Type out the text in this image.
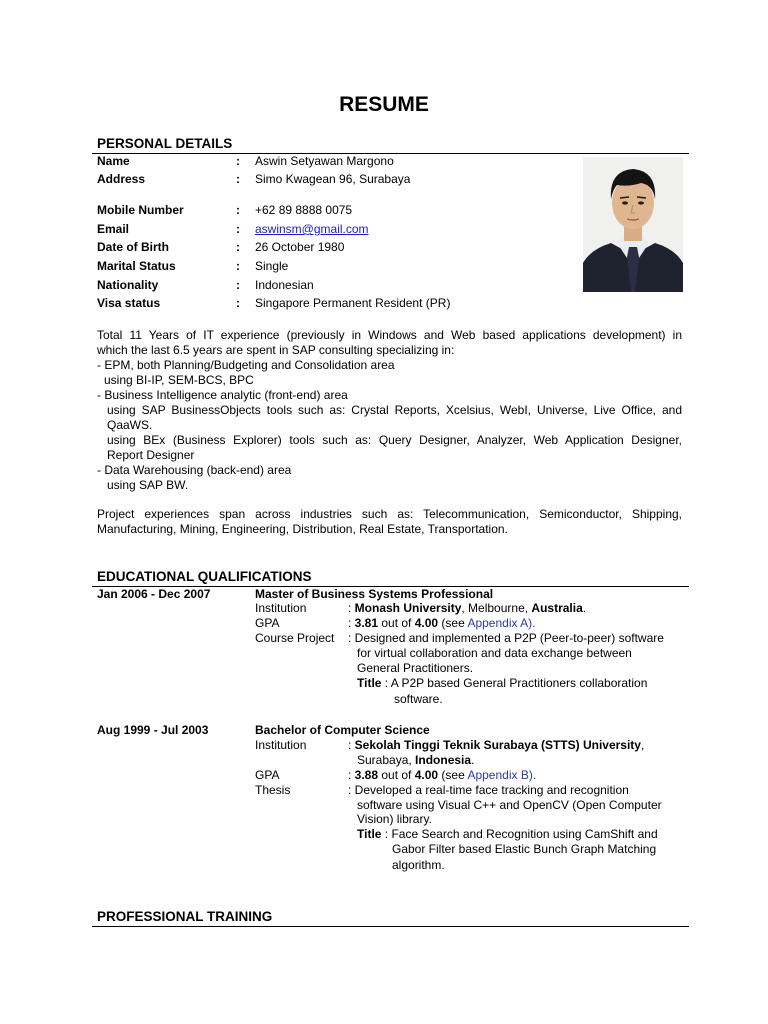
RESUME
PERSONAL DETAILS
Name	: Aswin Setyawan Margono
Address	: Simo Kwagean 96, Surabaya
Mobile Number	: +62 89 8888 0075
Email	: aswinsm@gmail.com
Date of Birth	: 26 October 1980
Marital Status	: Single
Nationality	: Indonesian
Visa status	: Singapore Permanent Resident (PR)
Total 11 Years of IT experience (previously in Windows and Web based applications development) in
which the last 6.5 years are spent in SAP consulting specializing in:
- EPM, both Planning/Budgeting and Consolidation area
using BI-IP, SEM-BCS, BPC
- Business Intelligence analytic (front-end) area
using SAP BusinessObjects tools such as: Crystal Reports, Xcelsius, WebI, Universe, Live Office, and
QaaWS.
using BEx (Business Explorer) tools such as: Query Designer, Analyzer, Web Application Designer,
Report Designer
- Data Warehousing (back-end) area
using SAP BW.
Project experiences span across industries such as: Telecommunication, Semiconductor, Shipping,
Manufacturing, Mining, Engineering, Distribution, Real Estate, Transportation.
EDUCATIONAL QUALIFICATIONS
Jan 2006 - Dec 2007	Master of Business Systems Professional
Institution	: Monash University, Melbourne, Australia.
GPA	: 3.81 out of 4.00 (see Appendix A).
Course Project : Designed and implemented a P2P (Peer-to-peer) software
for virtual collaboration and data exchange between
General Practitioners.
Title : A P2P based General Practitioners collaboration
software.
Aug 1999 - Jul 2003	Bachelor of Computer Science
Institution	: Sekolah Tinggi Teknik Surabaya (STTS) University,
Surabaya, Indonesia.
GPA	: 3.88 out of 4.00 (see Appendix B).
Thesis	: Developed a real-time face tracking and recognition
software using Visual C++ and OpenCV (Open Computer
Vision) library.
Title : Face Search and Recognition using CamShift and
Gabor Filter based Elastic Bunch Graph Matching
algorithm.
PROFESSIONAL TRAINING
